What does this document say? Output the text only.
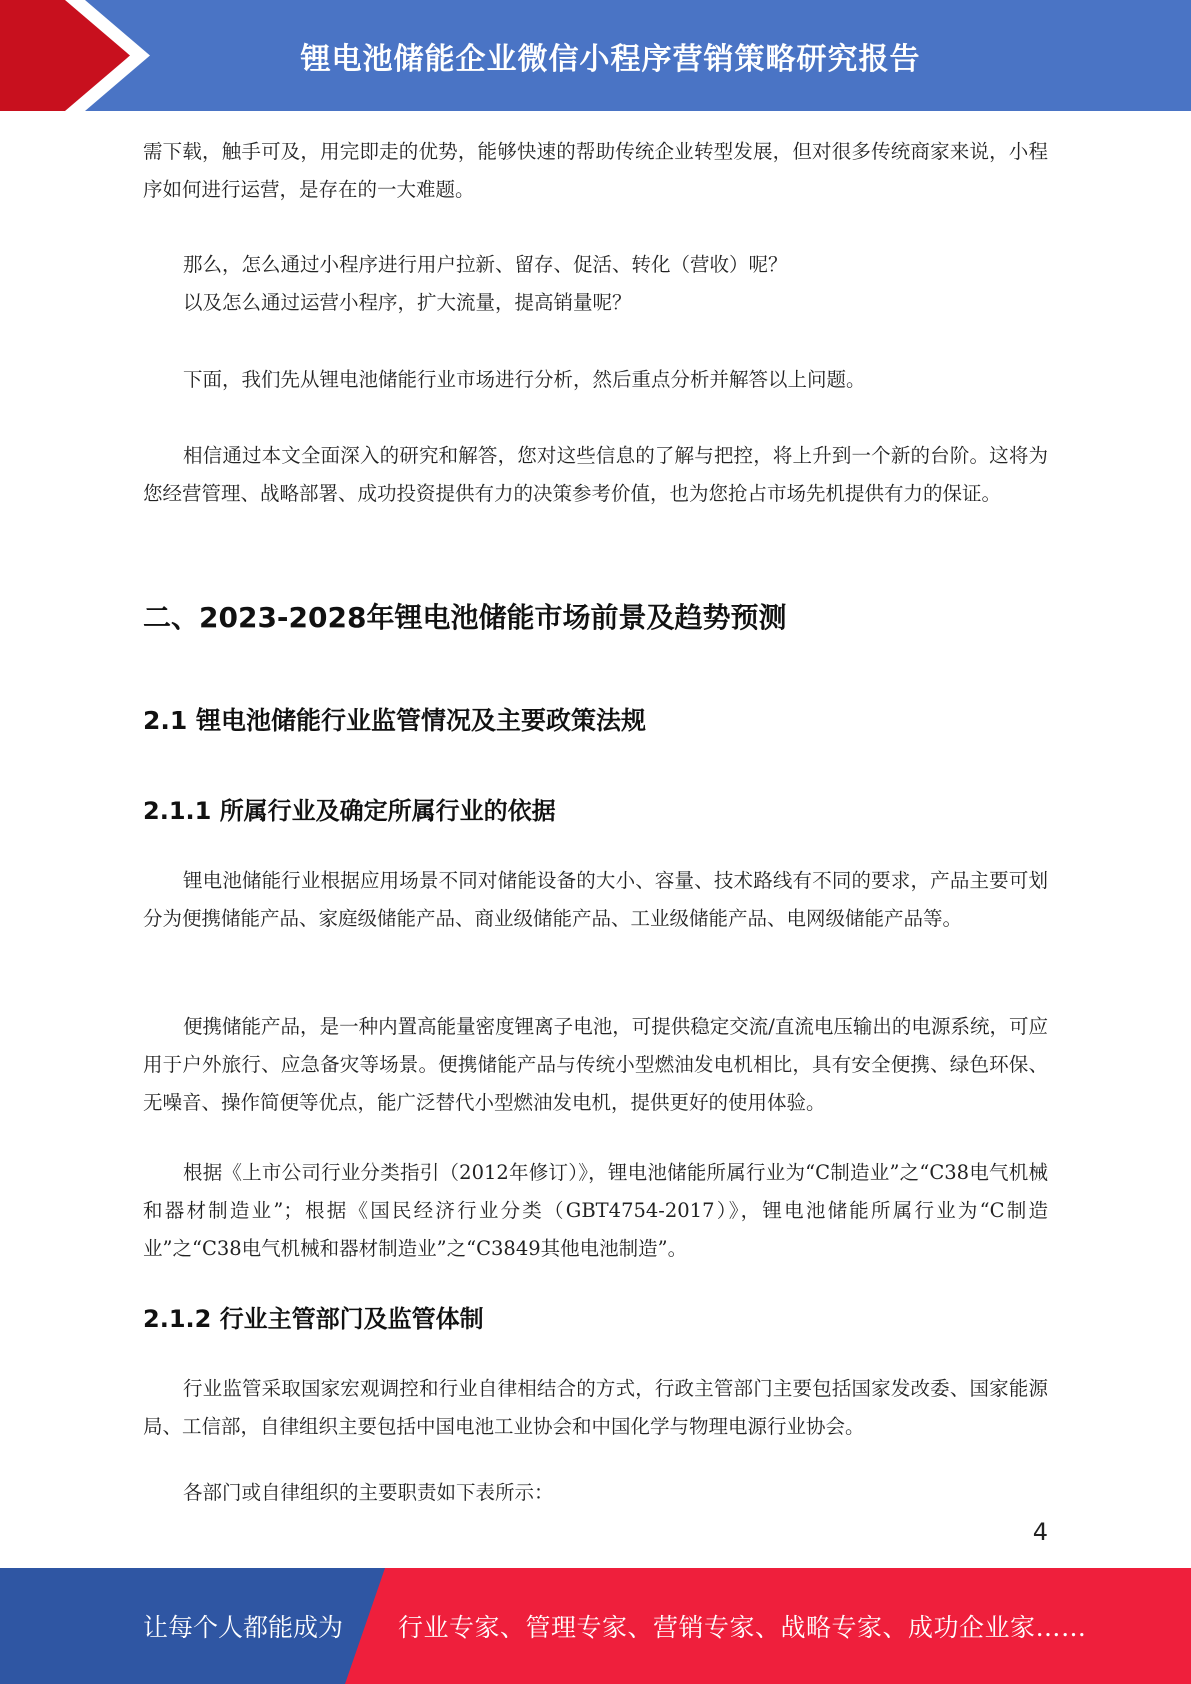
锂电池储能企业微信小程序营销策略研究报告
需下载，触手可及，用完即走的优势，能够快速的帮助传统企业转型发展，但对很多传统商家来说，小程序如何进行运营，是存在的一大难题。
那么，怎么通过小程序进行用户拉新、留存、促活、转化（营收）呢？
以及怎么通过运营小程序，扩大流量，提高销量呢？
下面，我们先从锂电池储能行业市场进行分析，然后重点分析并解答以上问题。
相信通过本文全面深入的研究和解答，您对这些信息的了解与把控，将上升到一个新的台阶。这将为您经营管理、战略部署、成功投资提供有力的决策参考价值，也为您抢占市场先机提供有力的保证。
二、2023-2028年锂电池储能市场前景及趋势预测
2.1 锂电池储能行业监管情况及主要政策法规
2.1.1 所属行业及确定所属行业的依据
锂电池储能行业根据应用场景不同对储能设备的大小、容量、技术路线有不同的要求，产品主要可划分为便携储能产品、家庭级储能产品、商业级储能产品、工业级储能产品、电网级储能产品等。
便携储能产品，是一种内置高能量密度锂离子电池，可提供稳定交流/直流电压输出的电源系统，可应用于户外旅行、应急备灾等场景。便携储能产品与传统小型燃油发电机相比，具有安全便携、绿色环保、无噪音、操作简便等优点，能广泛替代小型燃油发电机，提供更好的使用体验。
根据《上市公司行业分类指引（2012年修订）》，锂电池储能所属行业为“C制造业”之“C38电气机械和器材制造业”；根据《国民经济行业分类（GBT4754-2017）》，锂电池储能所属行业为“C制造业”之“C38电气机械和器材制造业”之“C3849其他电池制造”。
2.1.2 行业主管部门及监管体制
行业监管采取国家宏观调控和行业自律相结合的方式，行政主管部门主要包括国家发改委、国家能源局、工信部，自律组织主要包括中国电池工业协会和中国化学与物理电源行业协会。
各部门或自律组织的主要职责如下表所示：
4
让每个人都能成为 行业专家、管理专家、营销专家、战略专家、成功企业家……
